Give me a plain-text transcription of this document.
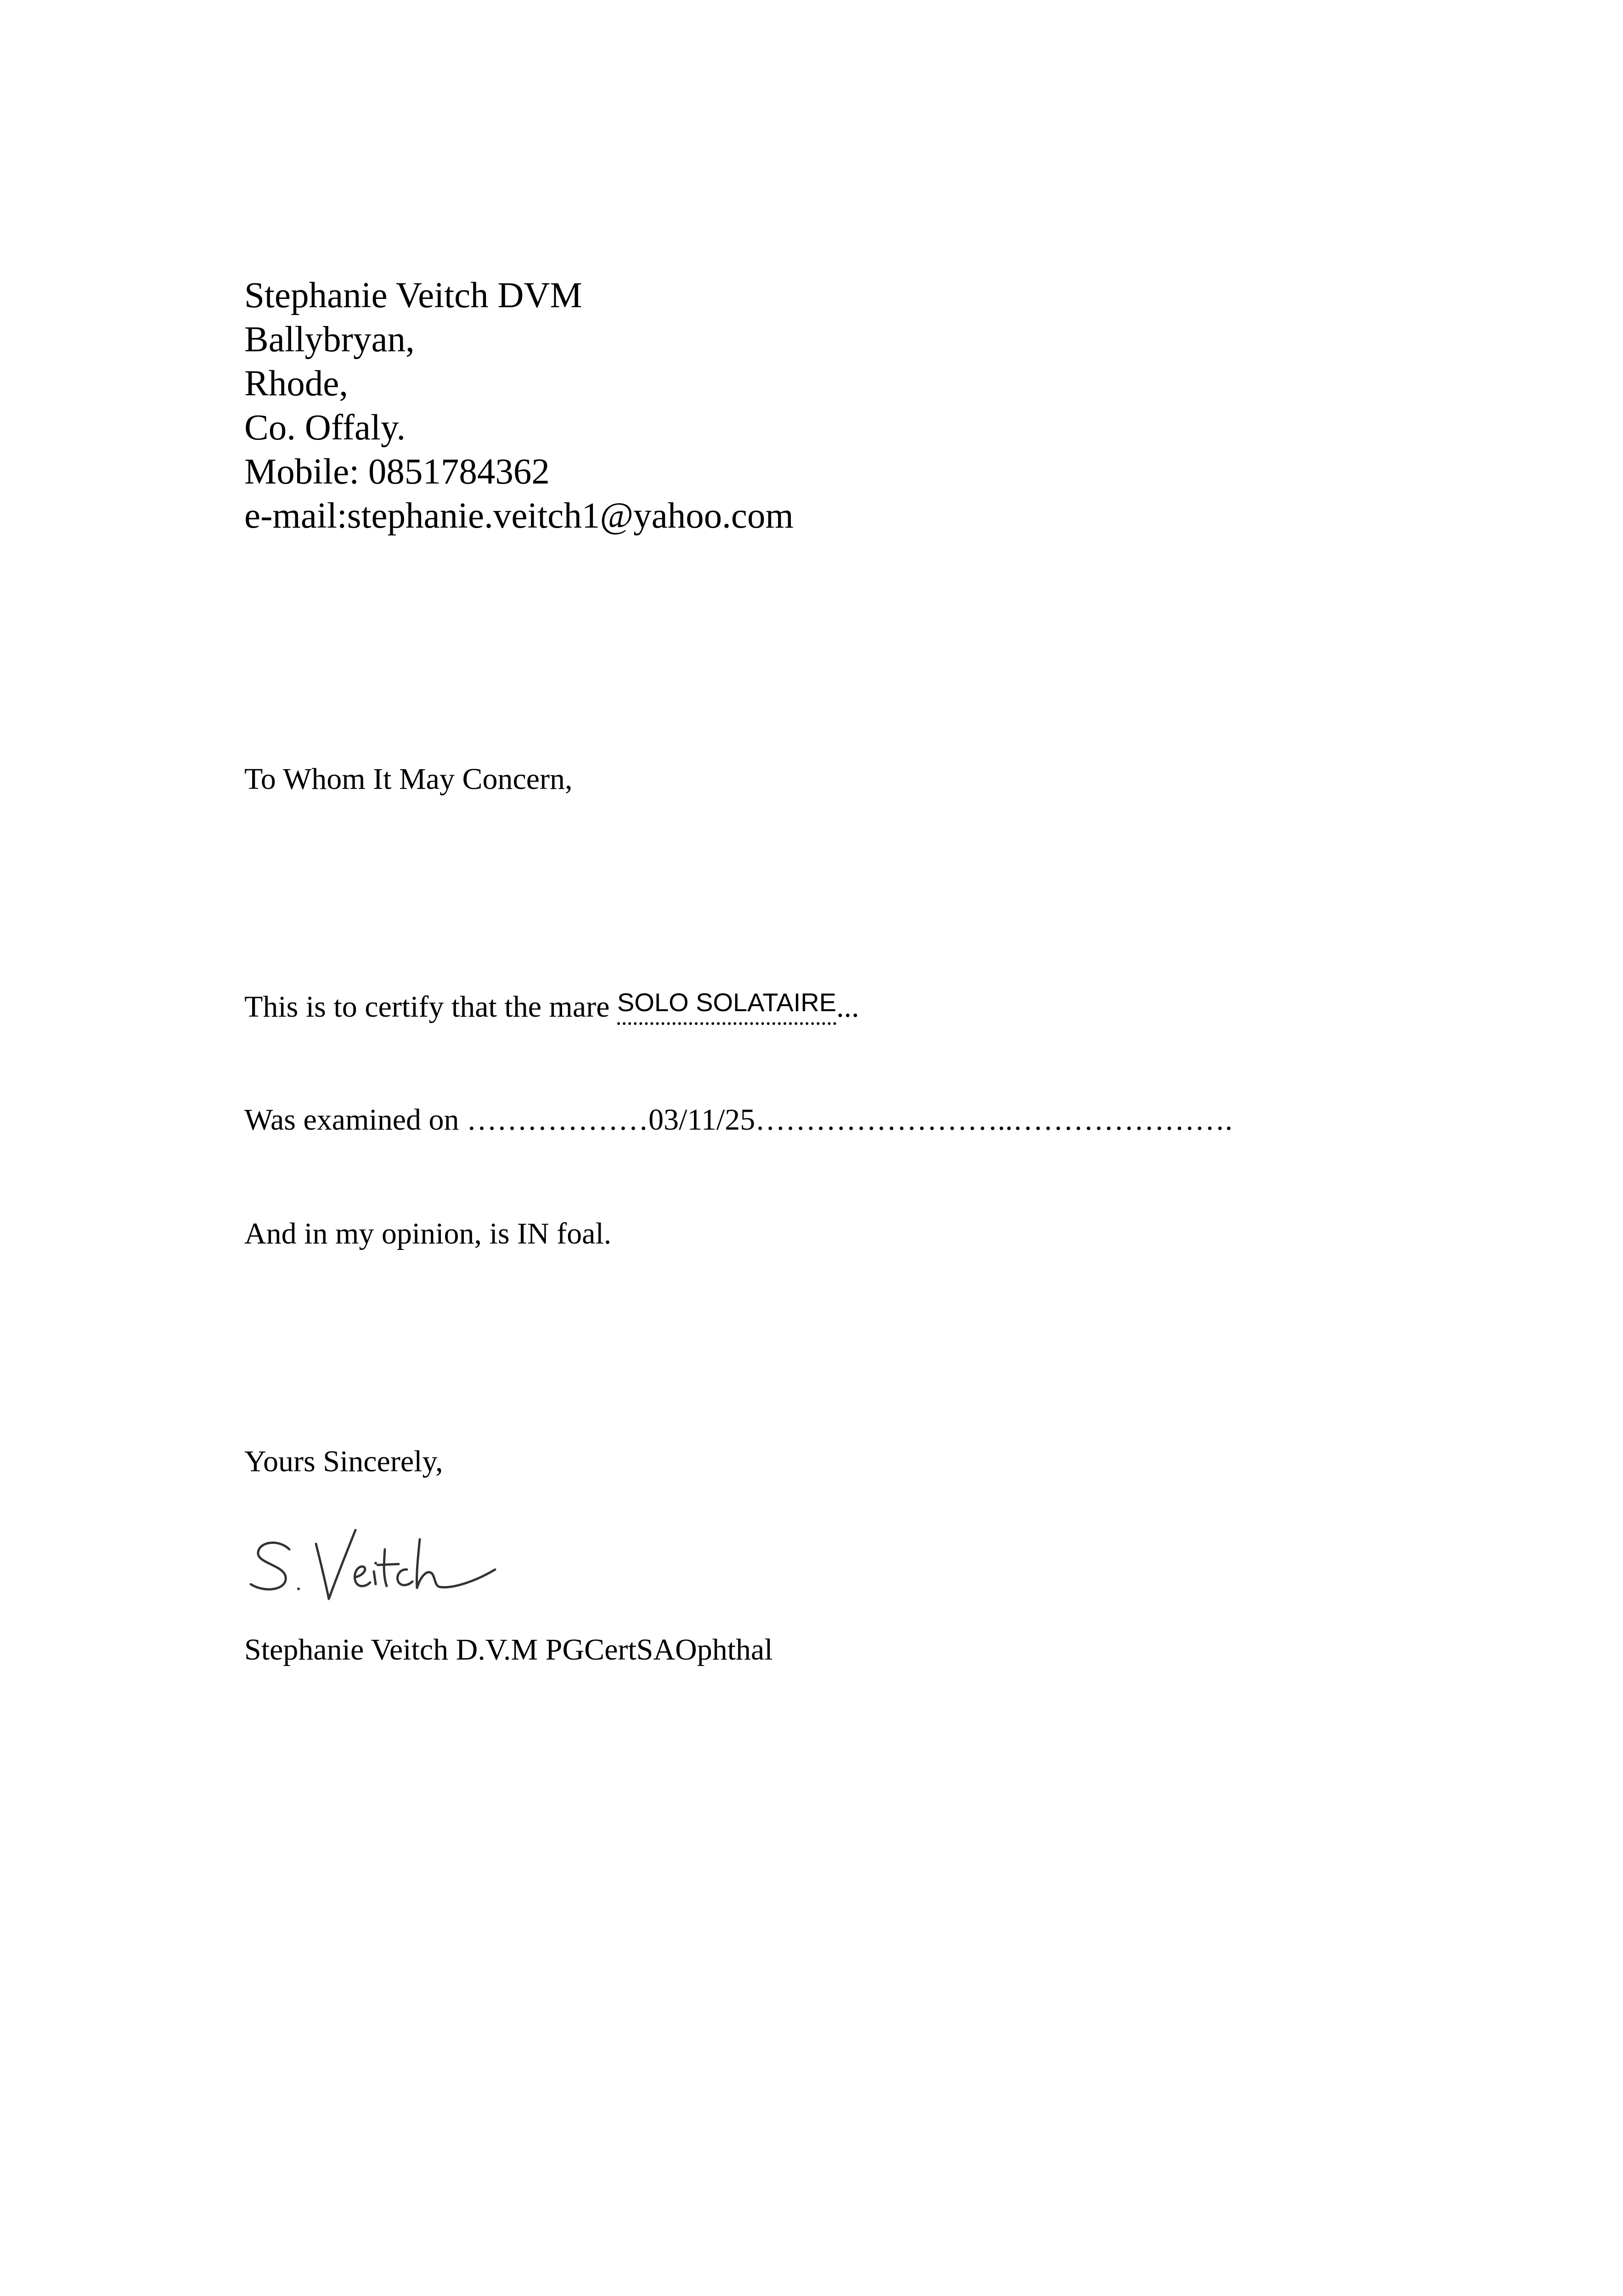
Stephanie Veitch DVM
Ballybryan,
Rhode,
Co. Offaly.
Mobile: 0851784362
e-mail:stephanie.veitch1@yahoo.com
To Whom It May Concern,
This is to certify that the mare SOLO SOLATAIRE
...
Was examined on ………………03/11/25……………………..………………….
And in my opinion, is IN foal.
Yours Sincerely,
Stephanie Veitch D.V.M PGCertSAOphthal
